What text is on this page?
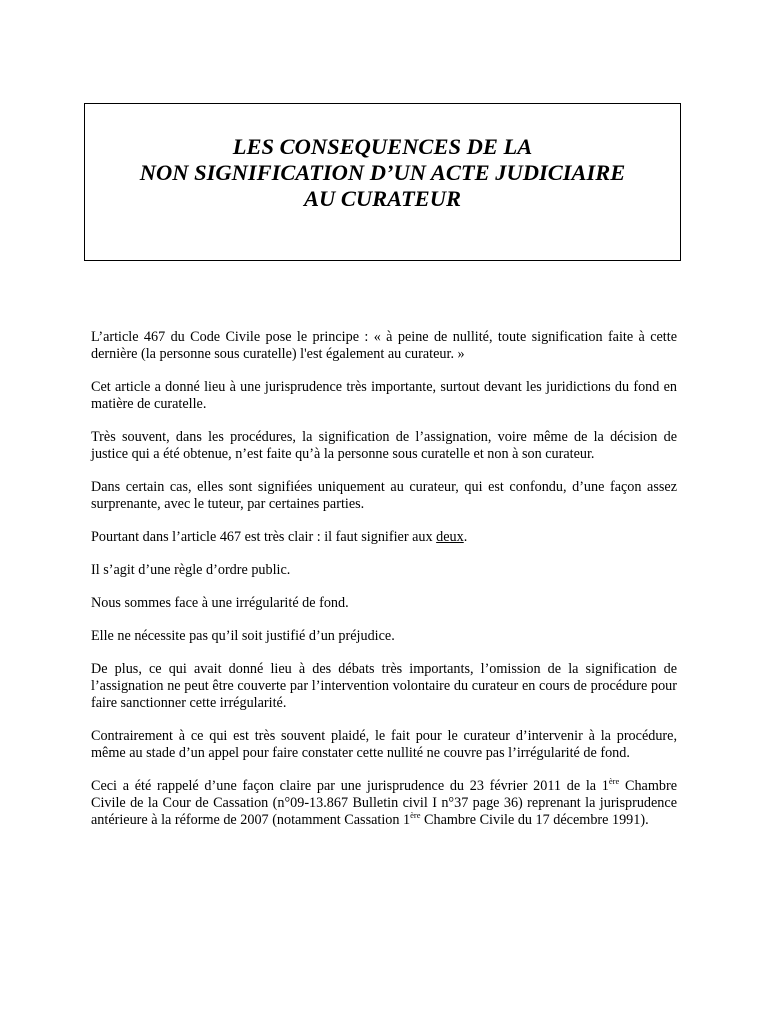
LES CONSEQUENCES DE LA
NON SIGNIFICATION D’UN ACTE JUDICIAIRE
AU CURATEUR

L’article 467 du Code Civile pose le principe : « à peine de nullité, toute signification faite à cette dernière (la personne sous curatelle) l'est également au curateur. »

Cet article a donné lieu à une jurisprudence très importante, surtout devant les juridictions du fond en matière de curatelle.

Très souvent, dans les procédures, la signification de l’assignation, voire même de la décision de justice qui a été obtenue, n’est faite qu’à la personne sous curatelle et non à son curateur.

Dans certain cas, elles sont signifiées uniquement au curateur, qui est confondu, d’une façon assez surprenante, avec le tuteur, par certaines parties.

Pourtant dans l’article 467 est très clair : il faut signifier aux deux.

Il s’agit d’une règle d’ordre public.

Nous sommes face à une irrégularité de fond.

Elle ne nécessite pas qu’il soit justifié d’un préjudice.

De plus, ce qui avait donné lieu à des débats très importants, l’omission de la signification de l’assignation ne peut être couverte par l’intervention volontaire du curateur en cours de procédure pour faire sanctionner cette irrégularité.

Contrairement à ce qui est très souvent plaidé, le fait pour le curateur d’intervenir à la procédure, même au stade d’un appel pour faire constater cette nullité ne couvre pas l’irrégularité de fond.

Ceci a été rappelé d’une façon claire par une jurisprudence du 23 février 2011 de la 1ère Chambre Civile de la Cour de Cassation (n°09-13.867 Bulletin civil I n°37 page 36) reprenant la jurisprudence antérieure à la réforme de 2007 (notamment Cassation 1ère Chambre Civile du 17 décembre 1991).
